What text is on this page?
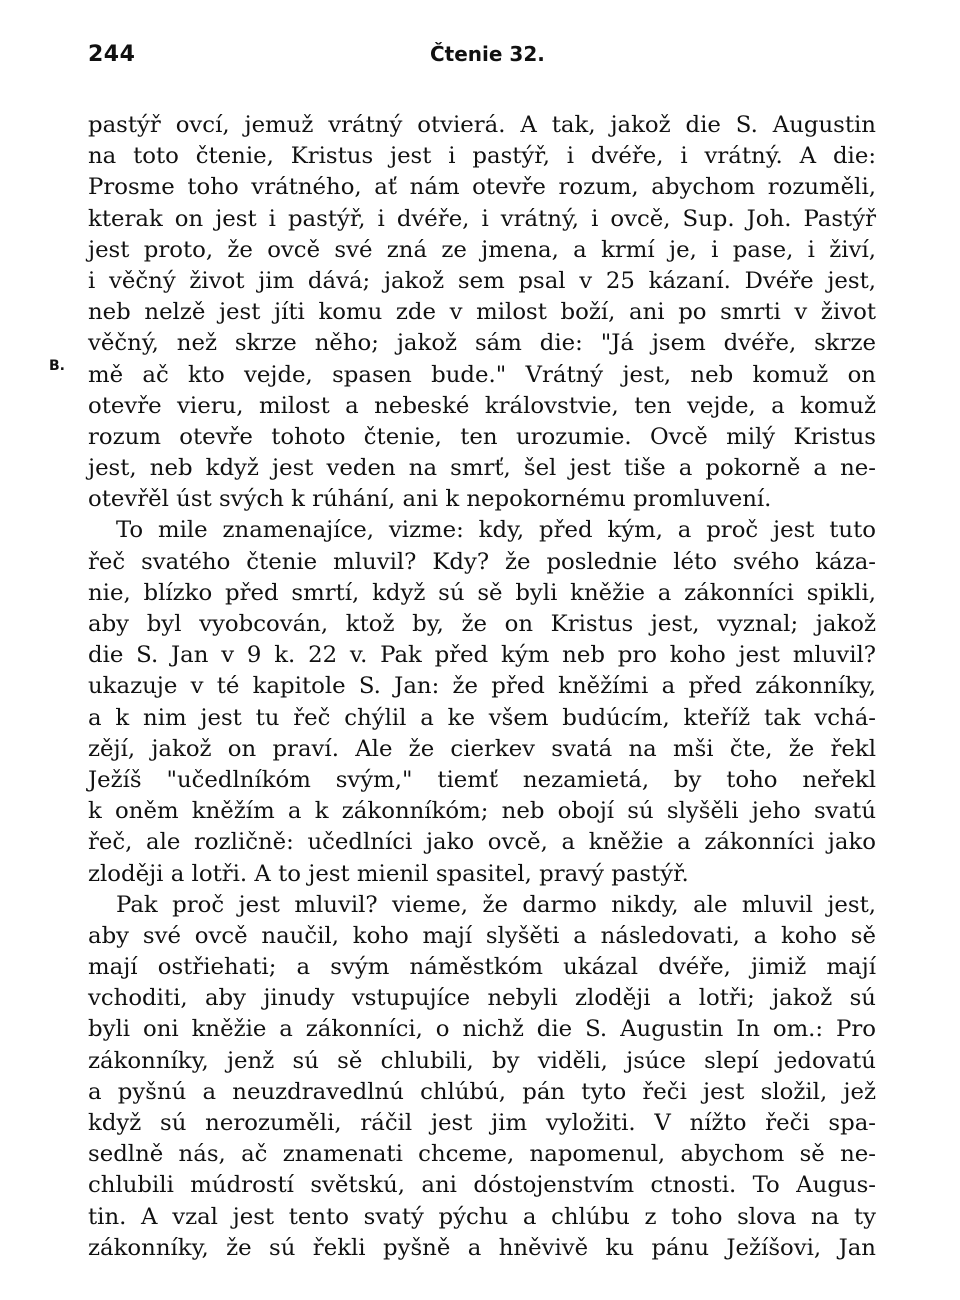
244	Čtenie 32.
B.
pastýř ovcí, jemuž vrátný otvierá. A tak, jakož die S. Augustin
na toto čtenie, Kristus jest i pastýř, i dvéře, i vrátný. A die:
Prosme toho vrátného, ať nám otevře rozum, abychom rozuměli,
kterak on jest i pastýř, i dvéře, i vrátný, i ovcě, Sup. Joh. Pastýř
jest proto, že ovcě své zná ze jmena, a krmí je, i pase, i živí,
i věčný život jim dává; jakož sem psal v 25 kázaní. Dvéře jest,
neb nelzě jest jíti komu zde v milost boží, ani po smrti v život
věčný, než skrze něho; jakož sám die: "Já jsem dvéře, skrze
mě ač kto vejde, spasen bude." Vrátný jest, neb komuž on
otevře vieru, milost a nebeské královstvie, ten vejde, a komuž
rozum otevře tohoto čtenie, ten urozumie. Ovcě milý Kristus
jest, neb když jest veden na smrť, šel jest tiše a pokorně a ne-
otevřěl úst svých k rúhání, ani k nepokornému promluvení.
To mile znamenajíce, vizme: kdy, před kým, a proč jest tuto
řeč svatého čtenie mluvil? Kdy? že poslednie léto svého káza-
nie, blízko před smrtí, když sú sě byli kněžie a zákonníci spikli,
aby byl vyobcován, ktož by, že on Kristus jest, vyznal; jakož
die S. Jan v 9 k. 22 v. Pak před kým neb pro koho jest mluvil?
ukazuje v té kapitole S. Jan: že před kněžími a před zákonníky,
a k nim jest tu řeč chýlil a ke všem budúcím, kteříž tak vchá-
zějí, jakož on praví. Ale že cierkev svatá na mši čte, že řekl
Ježíš "učedlníkóm svým," tiemť nezamietá, by toho neřekl
k oněm kněžím a k zákonníkóm; neb obojí sú slyšěli jeho svatú
řeč, ale rozličně: učedlníci jako ovcě, a kněžie a zákonníci jako
zloději a lotři. A to jest mienil spasitel, pravý pastýř.
Pak proč jest mluvil? vieme, že darmo nikdy, ale mluvil jest,
aby své ovcě naučil, koho mají slyšěti a následovati, a koho sě
mají ostřiehati; a svým náměstkóm ukázal dvéře, jimiž mají
vchoditi, aby jinudy vstupujíce nebyli zloději a lotři; jakož sú
byli oni kněžie a zákonníci, o nichž die S. Augustin In om.: Pro
zákonníky, jenž sú sě chlubili, by viděli, jsúce slepí jedovatú
a pyšnú a neuzdravedlnú chlúbú, pán tyto řeči jest složil, jež
když sú nerozuměli, ráčil jest jim vyložiti. V nížto řeči spa-
sedlně nás, ač znamenati chceme, napomenul, abychom sě ne-
chlubili múdrostí světskú, ani dóstojenstvím ctnosti. To Augus-
tin. A vzal jest tento svatý pýchu a chlúbu z toho slova na ty
zákonníky, že sú řekli pyšně a hněvivě ku pánu Ježíšovi, Jan
